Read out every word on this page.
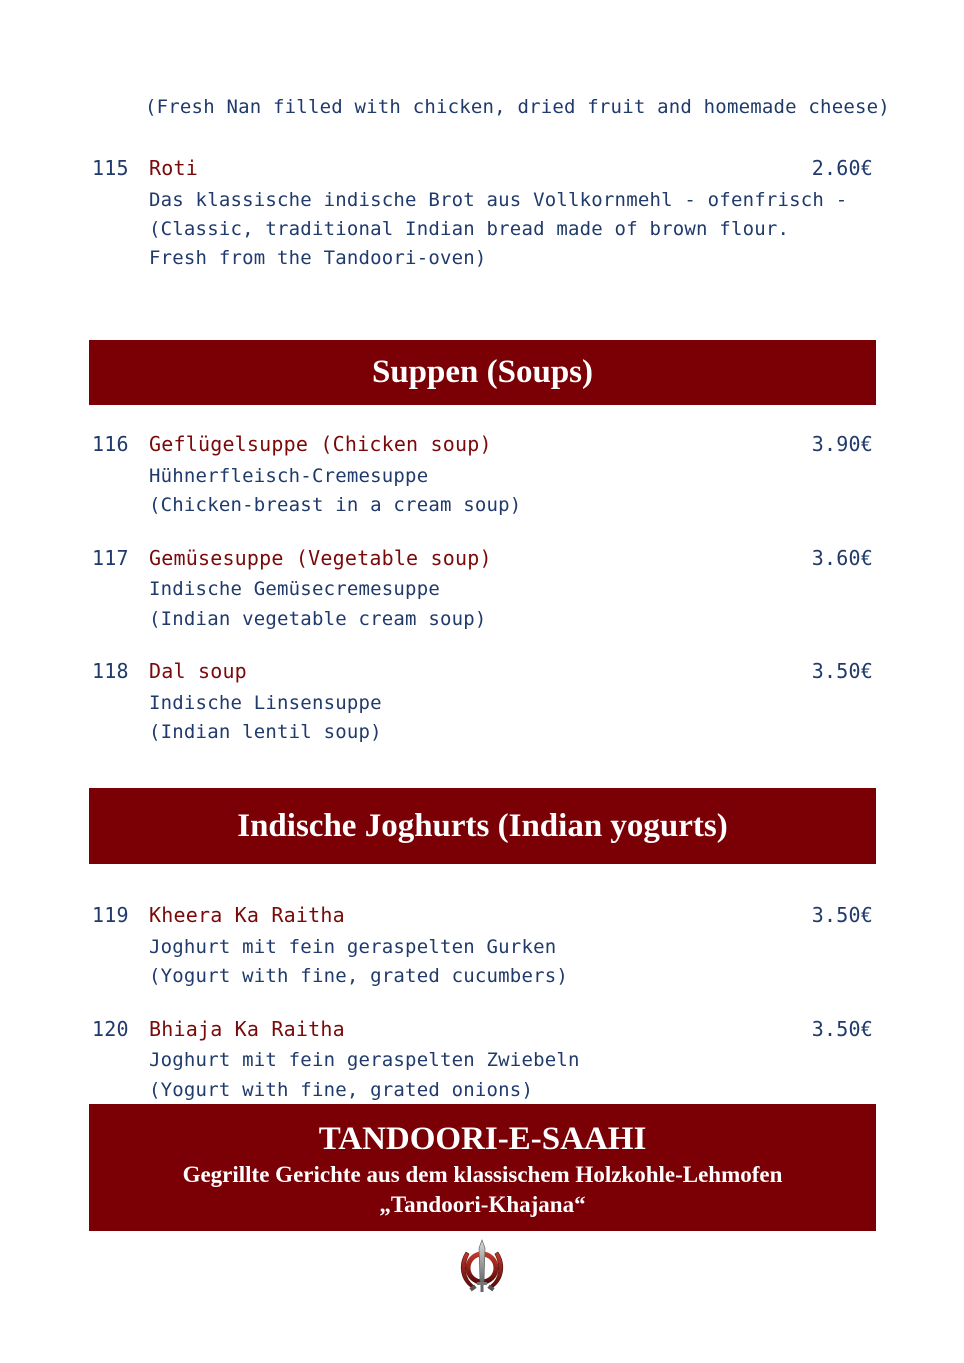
(Fresh Nan filled with chicken, dried fruit and homemade cheese)
115 Roti	2.60€
Das klassische indische Brot aus Vollkornmehl - ofenfrisch -
(Classic, traditional Indian bread made of brown flour.
Fresh from the Tandoori-oven)
Suppen (Soups)
116 Geflügelsuppe (Chicken soup)	3.90€
Hühnerfleisch-Cremesuppe
(Chicken-breast in a cream soup)
117 Gemüsesuppe (Vegetable soup)	3.60€
Indische Gemüsecremesuppe
(Indian vegetable cream soup)
118 Dal soup	3.50€
Indische Linsensuppe
(Indian lentil soup)
Indische Joghurts (Indian yogurts)
119 Kheera Ka Raitha	3.50€
Joghurt mit fein geraspelten Gurken
(Yogurt with fine, grated cucumbers)
120 Bhiaja Ka Raitha	3.50€
Joghurt mit fein geraspelten Zwiebeln
(Yogurt with fine, grated onions)
TANDOORI-E-SAAHI
Gegrillte Gerichte aus dem klassischem Holzkohle-Lehmofen
„Tandoori-Khajana“
